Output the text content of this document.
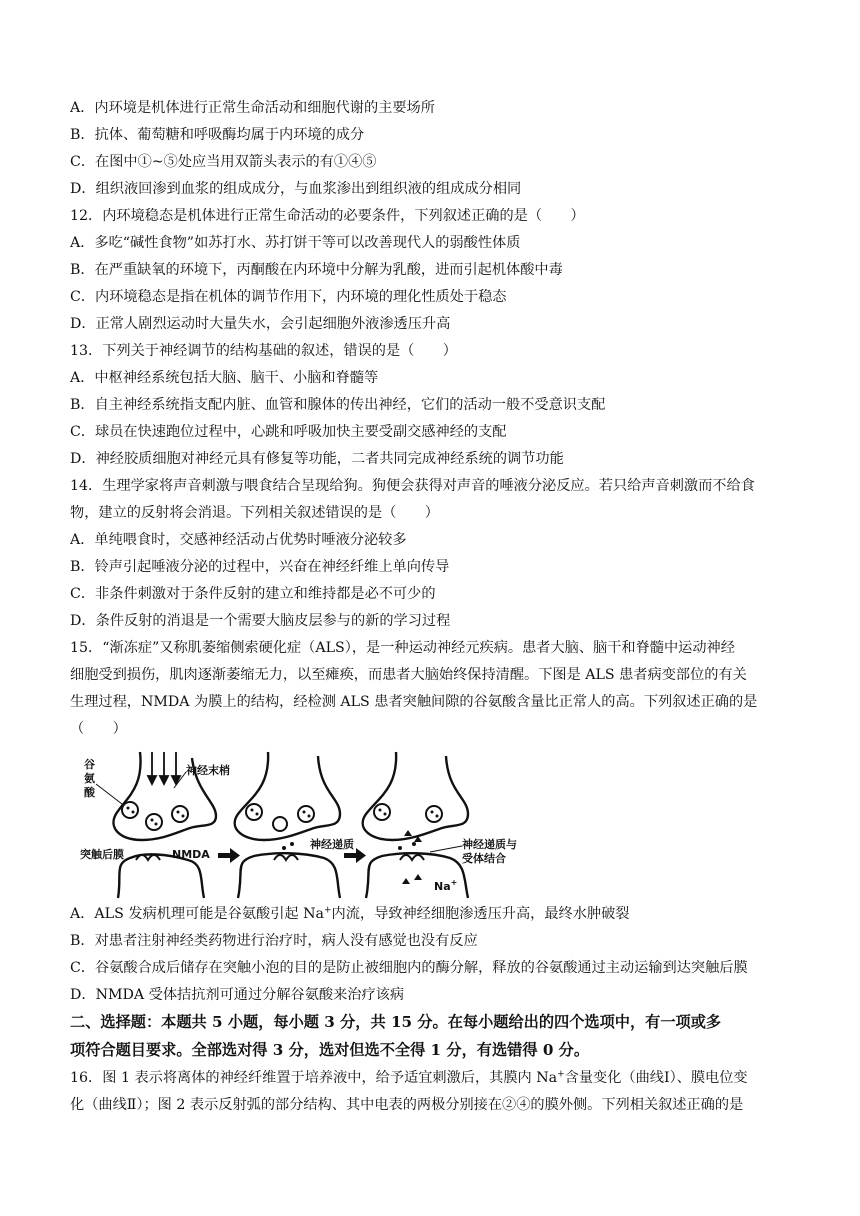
A．内环境是机体进行正常生命活动和细胞代谢的主要场所
B．抗体、葡萄糖和呼吸酶均属于内环境的成分
C．在图中①~⑤处应当用双箭头表示的有①④⑤
D．组织液回渗到血浆的组成成分，与血浆渗出到组织液的组成成分相同
12．内环境稳态是机体进行正常生命活动的必要条件，下列叙述正确的是（　　）
A．多吃“碱性食物”如苏打水、苏打饼干等可以改善现代人的弱酸性体质
B．在严重缺氧的环境下，丙酮酸在内环境中分解为乳酸，进而引起机体酸中毒
C．内环境稳态是指在机体的调节作用下，内环境的理化性质处于稳态
D．正常人剧烈运动时大量失水，会引起细胞外液渗透压升高
13．下列关于神经调节的结构基础的叙述，错误的是（　　）
A．中枢神经系统包括大脑、脑干、小脑和脊髓等
B．自主神经系统指支配内脏、血管和腺体的传出神经，它们的活动一般不受意识支配
C．球员在快速跑位过程中，心跳和呼吸加快主要受副交感神经的支配
D．神经胶质细胞对神经元具有修复等功能，二者共同完成神经系统的调节功能
14．生理学家将声音刺激与喂食结合呈现给狗。狗便会获得对声音的唾液分泌反应。若只给声音刺激而不给食
物，建立的反射将会消退。下列相关叙述错误的是（　　）
A．单纯喂食时，交感神经活动占优势时唾液分泌较多
B．铃声引起唾液分泌的过程中，兴奋在神经纤维上单向传导
C．非条件刺激对于条件反射的建立和维持都是必不可少的
D．条件反射的消退是一个需要大脑皮层参与的新的学习过程
15．“渐冻症”又称肌萎缩侧索硬化症（ALS），是一种运动神经元疾病。患者大脑、脑干和脊髓中运动神经
细胞受到损伤，肌肉逐渐萎缩无力，以至瘫痪，而患者大脑始终保持清醒。下图是 ALS 患者病变部位的有关
生理过程，NMDA 为膜上的结构，经检测 ALS 患者突触间隙的谷氨酸含量比正常人的高。下列叙述正确的是
（　　）
谷
氨
酸
神经末梢
突触后膜	NMDA
神经递质	神经递质与
受体结合
Na+
A．ALS 发病机理可能是谷氨酸引起 Na+内流，导致神经细胞渗透压升高，最终水肿破裂
B．对患者注射神经类药物进行治疗时，病人没有感觉也没有反应
C．谷氨酸合成后储存在突触小泡的目的是防止被细胞内的酶分解，释放的谷氨酸通过主动运输到达突触后膜
D．NMDA 受体拮抗剂可通过分解谷氨酸来治疗该病
二、选择题：本题共 5 小题，每小题 3 分，共 15 分。在每小题给出的四个选项中，有一项或多
项符合题目要求。全部选对得 3 分，选对但选不全得 1 分，有选错得 0 分。
16．图 1 表示将离体的神经纤维置于培养液中，给予适宜刺激后，其膜内 Na+含量变化（曲线Ⅰ）、膜电位变
化（曲线Ⅱ）；图 2 表示反射弧的部分结构、其中电表的两极分别接在②④的膜外侧。下列相关叙述正确的是
